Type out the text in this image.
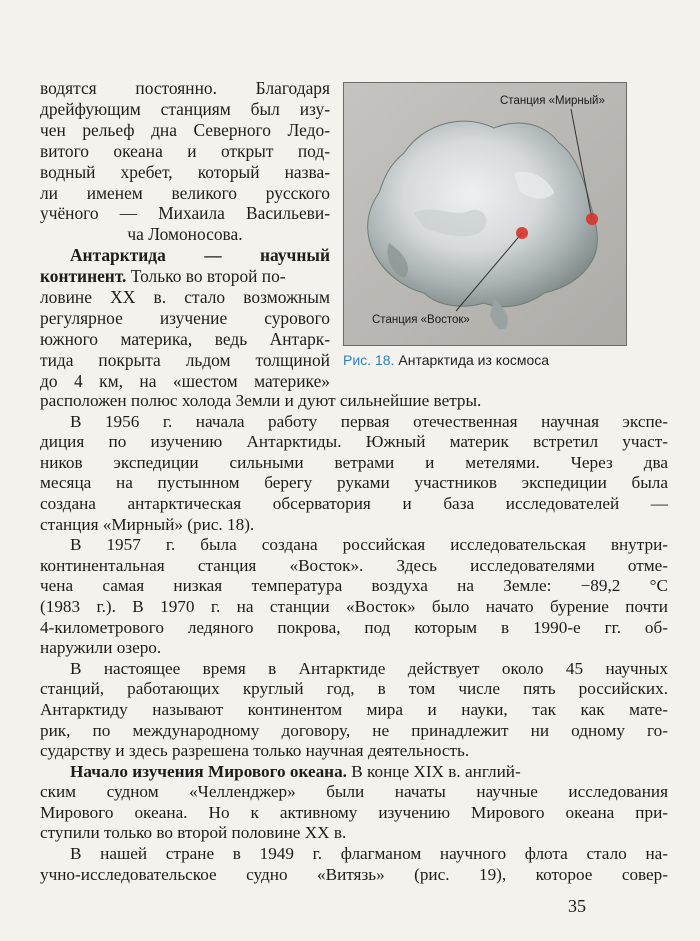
водятся постоянно. Благодаря
дрейфующим станциям был изу-
чен рельеф дна Северного Ледо-
витого океана и открыт под-
водный хребет, который назва-
ли именем великого русского
учёного — Михаила Васильеви-
ча Ломоносова.
Антарктида — научный
континент. Только во второй по-
ловине XX в. стало возможным
регулярное изучение сурового
южного материка, ведь Антарк-
тида покрыта льдом толщиной
до 4 км, на «шестом материке»
Станция «Мирный»
Станция «Восток»
Рис. 18. Антарктида из космоса
расположен полюс холода Земли и дуют сильнейшие ветры.
В 1956 г. начала работу первая отечественная научная экспе-
диция по изучению Антарктиды. Южный материк встретил участ-
ников экспедиции сильными ветрами и метелями. Через два
месяца на пустынном берегу руками участников экспедиции была
создана антарктическая обсерватория и база исследователей —
станция «Мирный» (рис. 18).
В 1957 г. была создана российская исследовательская внутри-
континентальная станция «Восток». Здесь исследователями отме-
чена самая низкая температура воздуха на Земле: −89,2 °С
(1983 г.). В 1970 г. на станции «Восток» было начато бурение почти
4-километрового ледяного покрова, под которым в 1990-е гг. об-
наружили озеро.
В настоящее время в Антарктиде действует около 45 научных
станций, работающих круглый год, в том числе пять российских.
Антарктиду называют континентом мира и науки, так как мате-
рик, по международному договору, не принадлежит ни одному го-
сударству и здесь разрешена только научная деятельность.
Начало изучения Мирового океана. В конце XIX в. англий-
ским судном «Челленджер» были начаты научные исследования
Мирового океана. Но к активному изучению Мирового океана при-
ступили только во второй половине XX в.
В нашей стране в 1949 г. флагманом научного флота стало на-
учно-исследовательское судно «Витязь» (рис. 19), которое совер-
35
